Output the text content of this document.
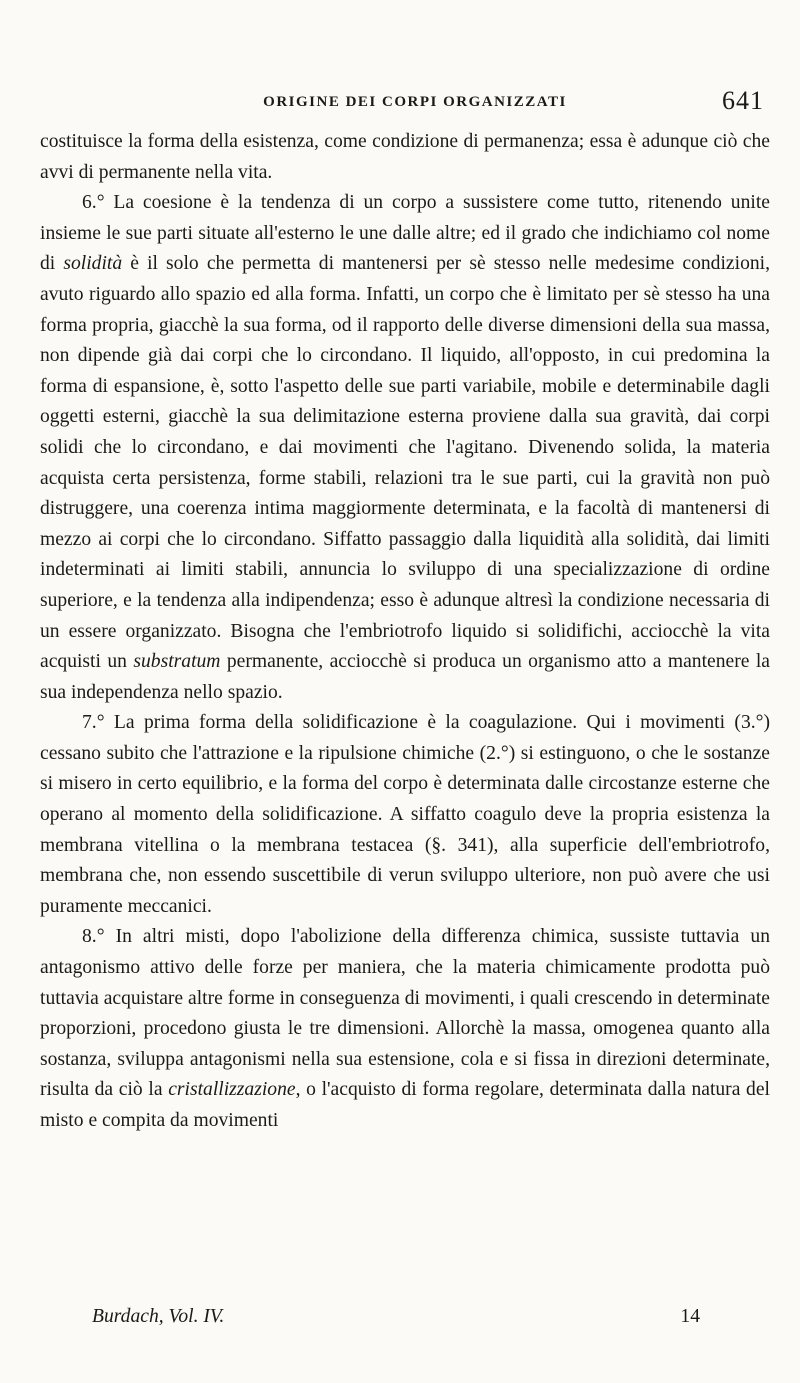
ORIGINE DEI CORPI ORGANIZZATI	641

costituisce la forma della esistenza, come condizione di permanenza; essa è adunque ciò che avvi di permanente nella vita.

6.° La coesione è la tendenza di un corpo a sussistere come tutto, ritenendo unite insieme le sue parti situate all'esterno le une dalle altre; ed il grado che indichiamo col nome di solidità è il solo che permetta di mantenersi per sè stesso nelle medesime condizioni, avuto riguardo allo spazio ed alla forma. Infatti, un corpo che è limitato per sè stesso ha una forma propria, giacchè la sua forma, od il rapporto delle diverse dimensioni della sua massa, non dipende già dai corpi che lo circondano. Il liquido, all'opposto, in cui predomina la forma di espansione, è, sotto l'aspetto delle sue parti variabile, mobile e determinabile dagli oggetti esterni, giacchè la sua delimitazione esterna proviene dalla sua gravità, dai corpi solidi che lo circondano, e dai movimenti che l'agitano. Divenendo solida, la materia acquista certa persistenza, forme stabili, relazioni tra le sue parti, cui la gravità non può distruggere, una coerenza intima maggiormente determinata, e la facoltà di mantenersi di mezzo ai corpi che lo circondano. Siffatto passaggio dalla liquidità alla solidità, dai limiti indeterminati ai limiti stabili, annuncia lo sviluppo di una specializzazione di ordine superiore, e la tendenza alla indipendenza; esso è adunque altresì la condizione necessaria di un essere organizzato. Bisogna che l'embriotrofo liquido si solidifichi, acciocchè la vita acquisti un substratum permanente, acciocchè si produca un organismo atto a mantenere la sua independenza nello spazio.

7.° La prima forma della solidificazione è la coagulazione. Qui i movimenti (3.°) cessano subito che l'attrazione e la ripulsione chimiche (2.°) si estinguono, o che le sostanze si misero in certo equilibrio, e la forma del corpo è determinata dalle circostanze esterne che operano al momento della solidificazione. A siffatto coagulo deve la propria esistenza la membrana vitellina o la membrana testacea (§. 341), alla superficie dell'embriotrofo, membrana che, non essendo suscettibile di verun sviluppo ulteriore, non può avere che usi puramente meccanici.

8.° In altri misti, dopo l'abolizione della differenza chimica, sussiste tuttavia un antagonismo attivo delle forze per maniera, che la materia chimicamente prodotta può tuttavia acquistare altre forme in conseguenza di movimenti, i quali crescendo in determinate proporzioni, procedono giusta le tre dimensioni. Allorchè la massa, omogenea quanto alla sostanza, sviluppa antagonismi nella sua estensione, cola e si fissa in direzioni determinate, risulta da ciò la cristallizzazione, o l'acquisto di forma regolare, determinata dalla natura del misto e compita da movimenti

Burdach, Vol. IV.	14
